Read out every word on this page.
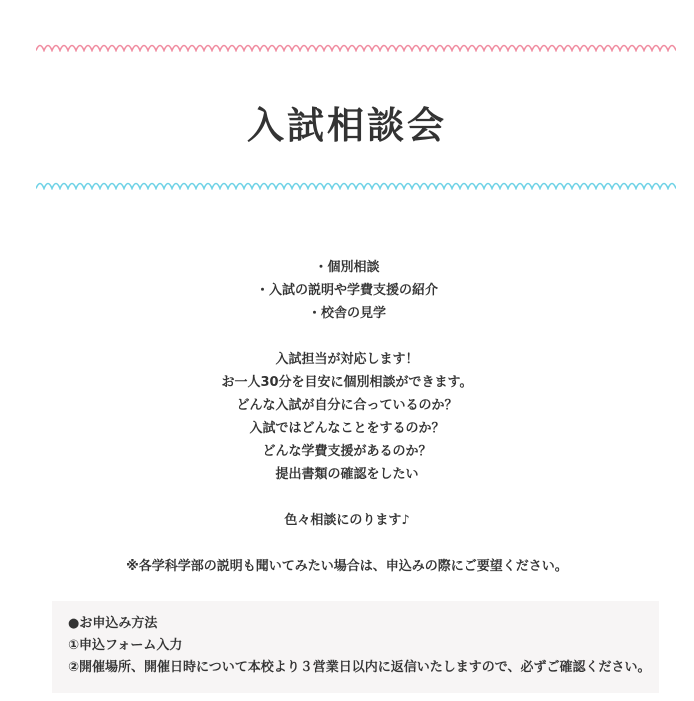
入試相談会
・個別相談
・入試の説明や学費支援の紹介
・校舎の見学
入試担当が対応します！
お一人30分を目安に個別相談ができます。
どんな入試が自分に合っているのか？
入試ではどんなことをするのか？
どんな学費支援があるのか？
提出書類の確認をしたい
色々相談にのります♪
※各学科学部の説明も聞いてみたい場合は、申込みの際にご要望ください。
●お申込み方法
①申込フォーム入力
②開催場所、開催日時について本校より３営業日以内に返信いたしますので、必ずご確認ください。
